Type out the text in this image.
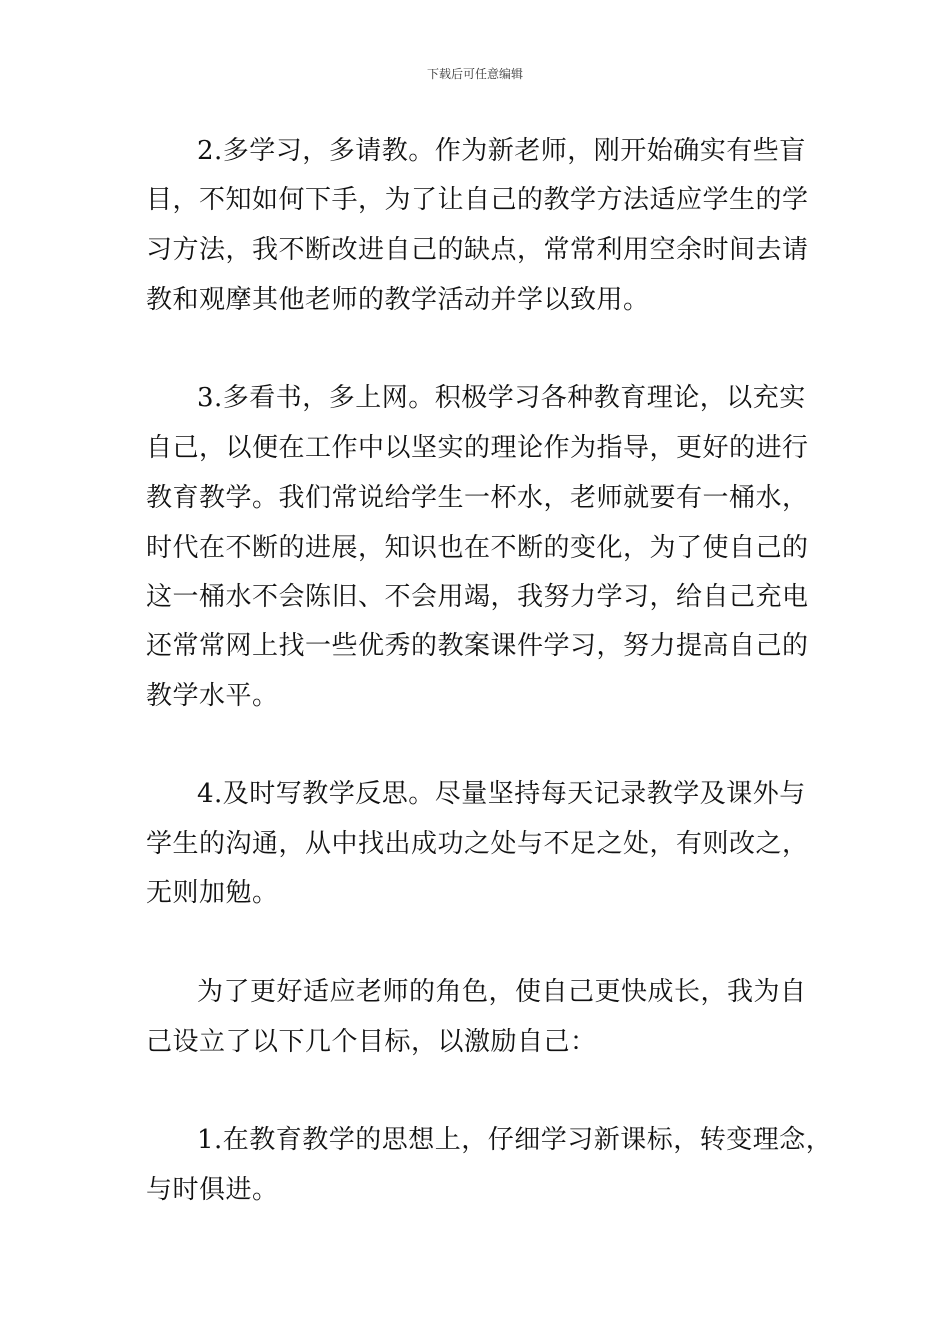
下载后可任意编辑
2.多学习，多请教。作为新老师，刚开始确实有些盲
目，不知如何下手，为了让自己的教学方法适应学生的学
习方法，我不断改进自己的缺点，常常利用空余时间去请
教和观摩其他老师的教学活动并学以致用。
3.多看书，多上网。积极学习各种教育理论，以充实
自己，以便在工作中以坚实的理论作为指导，更好的进行
教育教学。我们常说给学生一杯水，老师就要有一桶水，
时代在不断的进展，知识也在不断的变化，为了使自己的
这一桶水不会陈旧、不会用竭，我努力学习，给自己充电
还常常网上找一些优秀的教案课件学习，努力提高自己的
教学水平。
4.及时写教学反思。尽量坚持每天记录教学及课外与
学生的沟通，从中找出成功之处与不足之处，有则改之，
无则加勉。
为了更好适应老师的角色，使自己更快成长，我为自
己设立了以下几个目标，以激励自己：
1.在教育教学的思想上，仔细学习新课标，转变理念，
与时俱进。
